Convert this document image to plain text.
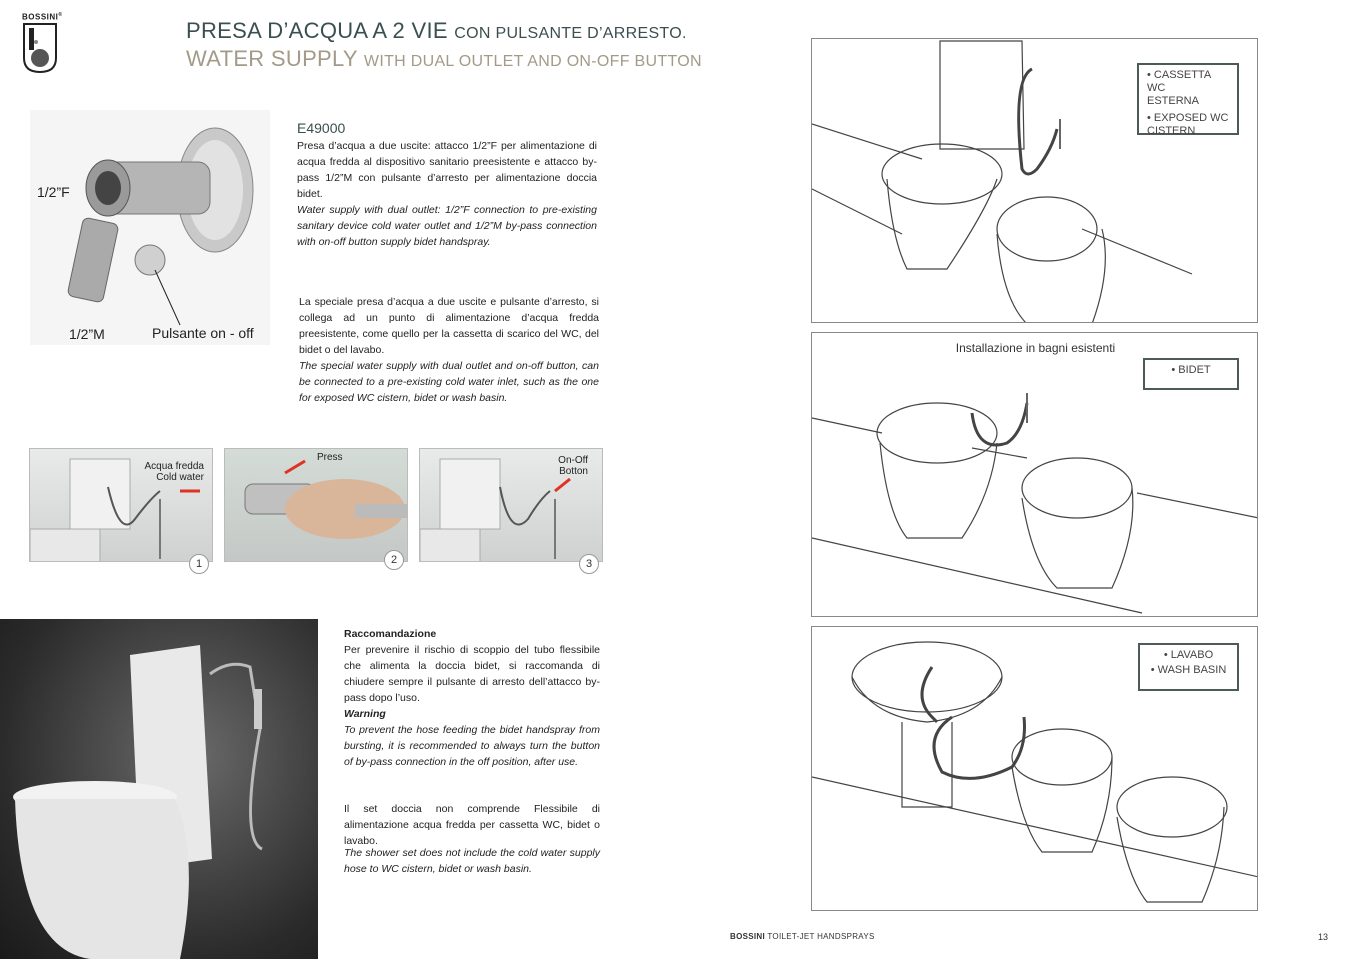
BOSSINI®
PRESA D’ACQUA A 2 VIE CON PULSANTE D’ARRESTO.
WATER SUPPLY WITH DUAL OUTLET AND ON-OFF BUTTON
1/2”F
1/2”M	Pulsante on - off
E49000

Presa d’acqua a due uscite: attacco 1/2”F per alimentazione di acqua fredda al dispositivo sanitario preesistente e attacco by-pass 1/2”M con pulsante d’arresto per alimentazione doccia bidet.

Water supply with dual outlet: 1/2”F connection to pre-existing sanitary device cold water outlet and 1/2”M by-pass connection with on-off button supply bidet handspray.

La speciale presa d’acqua a due uscite e pulsante d’arresto, si collega ad un punto di alimentazione d’acqua fredda preesistente, come quello per la cassetta di scarico del WC, del bidet o del lavabo.

The special water supply with dual outlet and on-off button, can be connected to a pre-existing cold water inlet, such as the one for exposed WC cistern, bidet or wash basin.

Acqua fredda
Cold water
1
Press
2
On-Off
Botton
3
Raccomandazione

Per prevenire il rischio di scoppio del tubo flessibile che alimenta la doccia bidet, si raccomanda di chiudere sempre il pulsante di arresto dell’attacco by-pass dopo l’uso.

Warning

To prevent the hose feeding the bidet handspray from bursting, it is recommended to always turn the button of by-pass connection in the off position, after use.

Il set doccia non comprende Flessibile di alimentazione acqua fredda per cassetta WC, bidet o lavabo.

The shower set does not include the cold water supply hose to WC cistern, bidet or wash basin.

• CASSETTA WC
ESTERNA
• EXPOSED WC
CISTERN
Installazione in bagni esistenti
• BIDET
• LAVABO
• WASH BASIN
BOSSINI TOILET-JET HANDSPRAYS	13
